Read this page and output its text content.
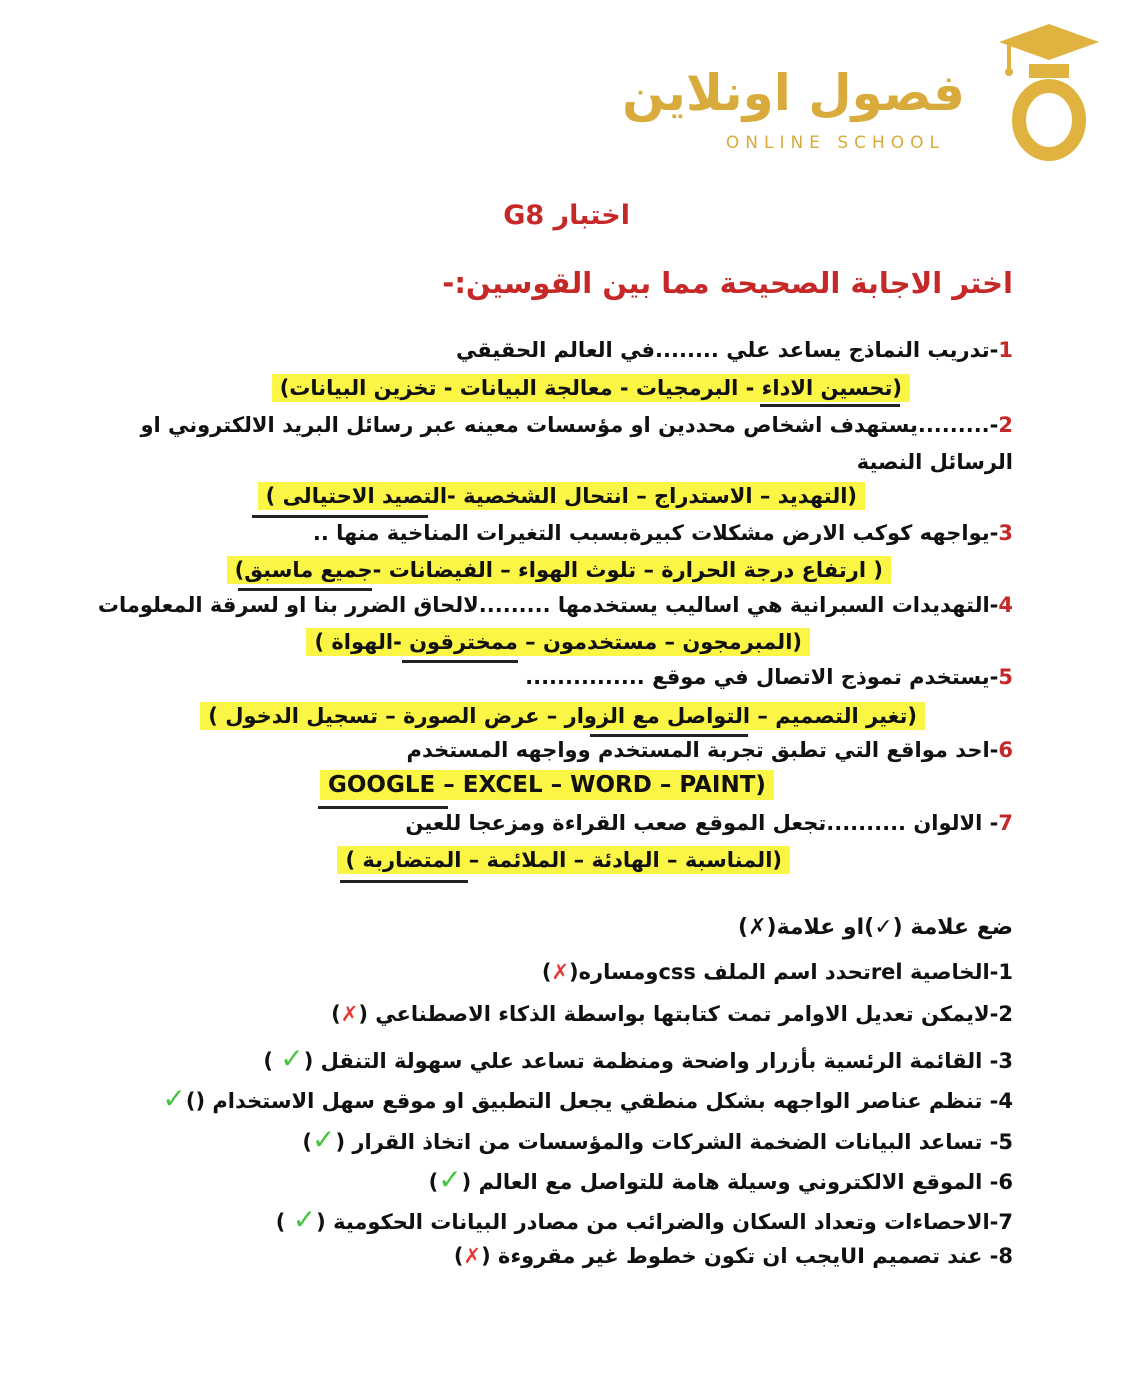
فصول اونلاين
ONLINE SCHOOL
اختبار G8
اختر الاجابة الصحيحة مما بين القوسين:-
1-تدريب النماذج يساعد علي ........في العالم الحقيقي
(تحسين الاداء - البرمجيات - معالجة البيانات - تخزين البيانات)
2-.........يستهدف اشخاص محددين او مؤسسات معينه عبر رسائل البريد الالكتروني او
الرسائل النصية
(التهديد – الاستدراج – انتحال الشخصية -التصيد الاحتيالى )
3-يواجهه كوكب الارض مشكلات كبيرةبسبب التغيرات المناخية منها ..
( ارتفاع درجة الحرارة – تلوث الهواء – الفيضانات -جميع ماسبق)
4-التهديدات السبرانية هي اساليب يستخدمها .........لالحاق الضرر بنا او لسرقة المعلومات
(المبرمجون – مستخدمون – ممخترقون -الهواة )
5-يستخدم تموذج الاتصال في موقع ...............
(تغير التصميم – التواصل مع الزوار – عرض الصورة – تسجيل الدخول )
6-احد مواقع التي تطبق تجربة المستخدم وواجهه المستخدم
GOOGLE – EXCEL – WORD – PAINT)
7- الالوان ..........تجعل الموقع صعب القراءة ومزعجا للعين
(المناسبة – الهادئة – الملائمة – المتضاربة )
ضع علامة (✓)او علامة(✗)
1-الخاصية relتحدد اسم الملف cssومساره(✗)
2-لايمكن تعديل الاوامر تمت كتابتها بواسطة الذكاء الاصطناعي (✗)
3- القائمة الرئسية بأزرار واضحة ومنظمة تساعد علي سهولة التنقل (✓ )
4- تنظم عناصر الواجهه بشكل منطقي يجعل التطبيق او موقع سهل الاستخدام ()✓
5- تساعد البيانات الضخمة الشركات والمؤسسات من اتخاذ القرار (✓)
6- الموقع الالكتروني وسيلة هامة للتواصل مع العالم (✓)
7-الاحصاءات وتعداد السكان والضرائب من مصادر البيانات الحكومية (✓ )
8- عند تصميم UIيجب ان تكون خطوط غير مقروءة (✗)
